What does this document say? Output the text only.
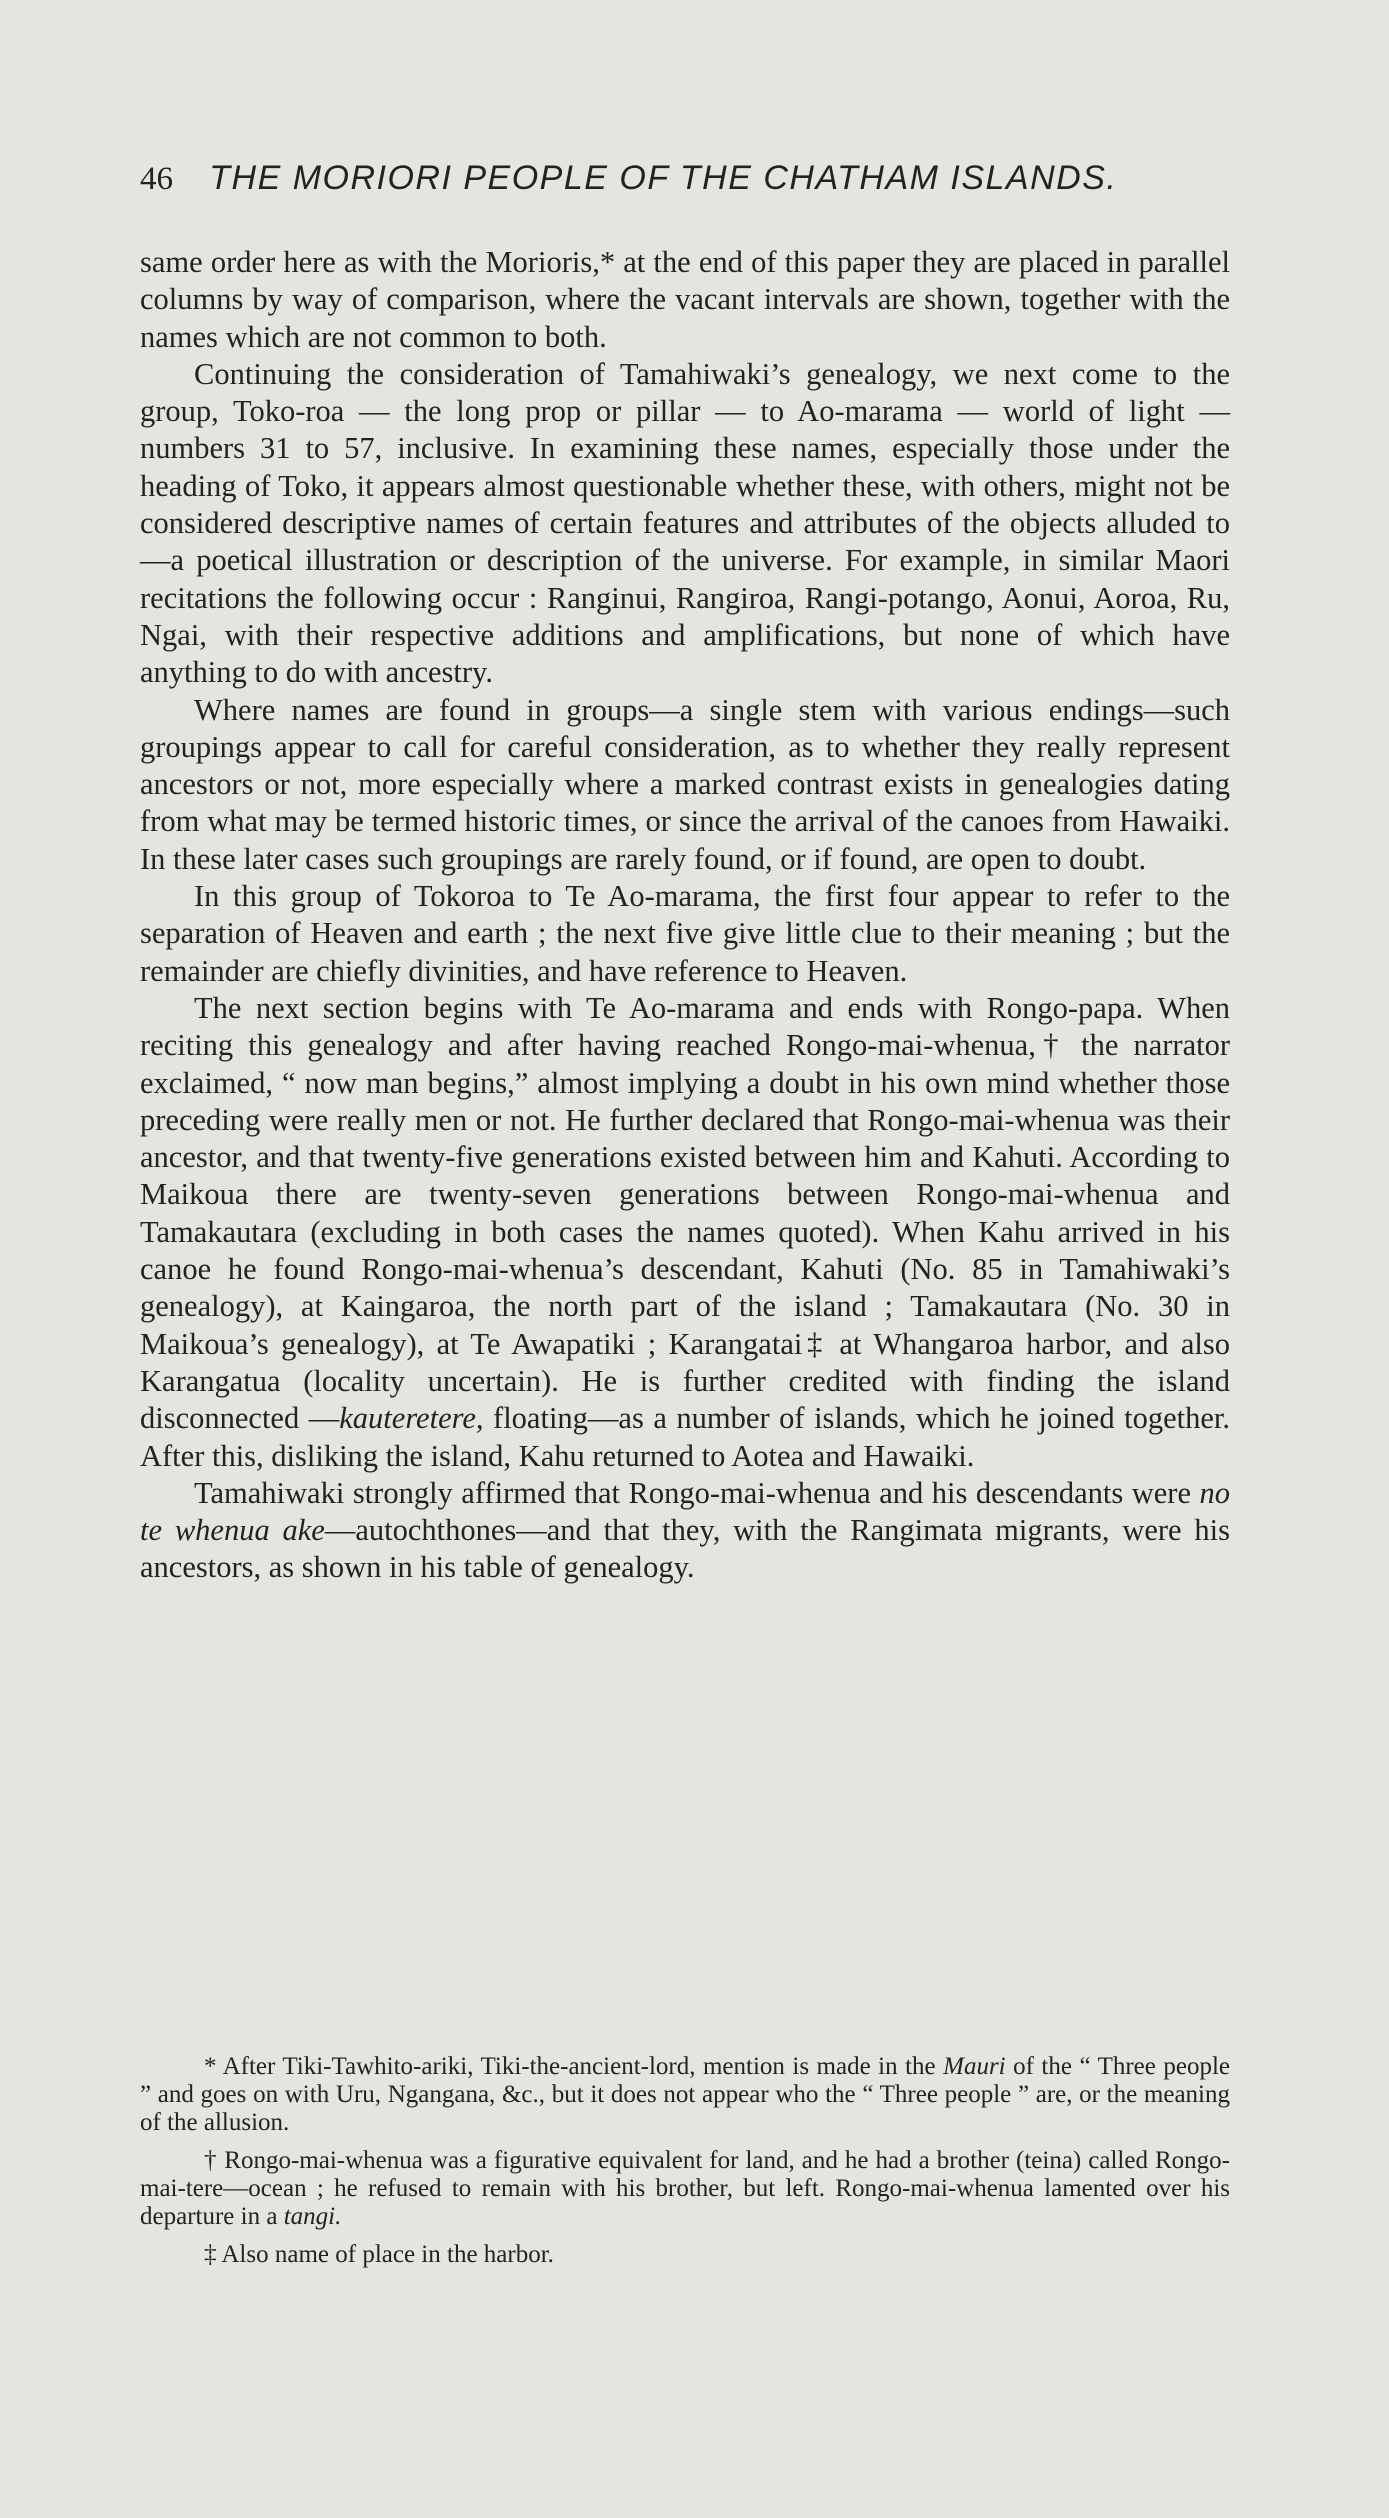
46 THE MORIORI PEOPLE OF THE CHATHAM ISLANDS.

same order here as with the Morioris,* at the end of this paper they are placed in parallel columns by way of comparison, where the vacant intervals are shown, together with the names which are not common to both.

Continuing the consideration of Tamahiwaki’s genealogy, we next come to the group, Toko-roa — the long prop or pillar — to Ao-marama — world of light — numbers 31 to 57, inclusive. In examining these names, especially those under the heading of Toko, it appears almost questionable whether these, with others, might not be considered descriptive names of certain features and attributes of the objects alluded to—a poetical illustration or description of the universe. For example, in similar Maori recitations the following occur : Ranginui, Rangiroa, Rangi-potango, Aonui, Aoroa, Ru, Ngai, with their respective additions and amplifications, but none of which have anything to do with ancestry.

Where names are found in groups—a single stem with various endings—such groupings appear to call for careful consideration, as to whether they really represent ancestors or not, more especially where a marked contrast exists in genealogies dating from what may be termed historic times, or since the arrival of the canoes from Hawaiki. In these later cases such groupings are rarely found, or if found, are open to doubt.

In this group of Tokoroa to Te Ao-marama, the first four appear to refer to the separation of Heaven and earth ; the next five give little clue to their meaning ; but the remainder are chiefly divinities, and have reference to Heaven.

The next section begins with Te Ao-marama and ends with Rongo-papa. When reciting this genealogy and after having reached Rongo-mai-whenua,† the narrator exclaimed, “ now man begins,” almost implying a doubt in his own mind whether those preceding were really men or not. He further declared that Rongo-mai-whenua was their ancestor, and that twenty-five generations existed between him and Kahuti. According to Maikoua there are twenty-seven generations between Rongo-mai-whenua and Tamakautara (excluding in both cases the names quoted). When Kahu arrived in his canoe he found Rongo-mai-whenua’s descendant, Kahuti (No. 85 in Tamahiwaki’s genealogy), at Kaingaroa, the north part of the island ; Tamakautara (No. 30 in Maikoua’s genealogy), at Te Awapatiki ; Karangatai‡ at Whangaroa harbor, and also Karangatua (locality uncertain). He is further credited with finding the island disconnected —kauteretere, floating—as a number of islands, which he joined together. After this, disliking the island, Kahu returned to Aotea and Hawaiki.

Tamahiwaki strongly affirmed that Rongo-mai-whenua and his descendants were no te whenua ake—autochthones—and that they, with the Rangimata migrants, were his ancestors, as shown in his table of genealogy.

* After Tiki-Tawhito-ariki, Tiki-the-ancient-lord, mention is made in the Mauri of the “ Three people ” and goes on with Uru, Ngangana, &c., but it does not appear who the “ Three people ” are, or the meaning of the allusion.

† Rongo-mai-whenua was a figurative equivalent for land, and he had a brother (teina) called Rongo-mai-tere—ocean ; he refused to remain with his brother, but left. Rongo-mai-whenua lamented over his departure in a tangi.

‡ Also name of place in the harbor.
